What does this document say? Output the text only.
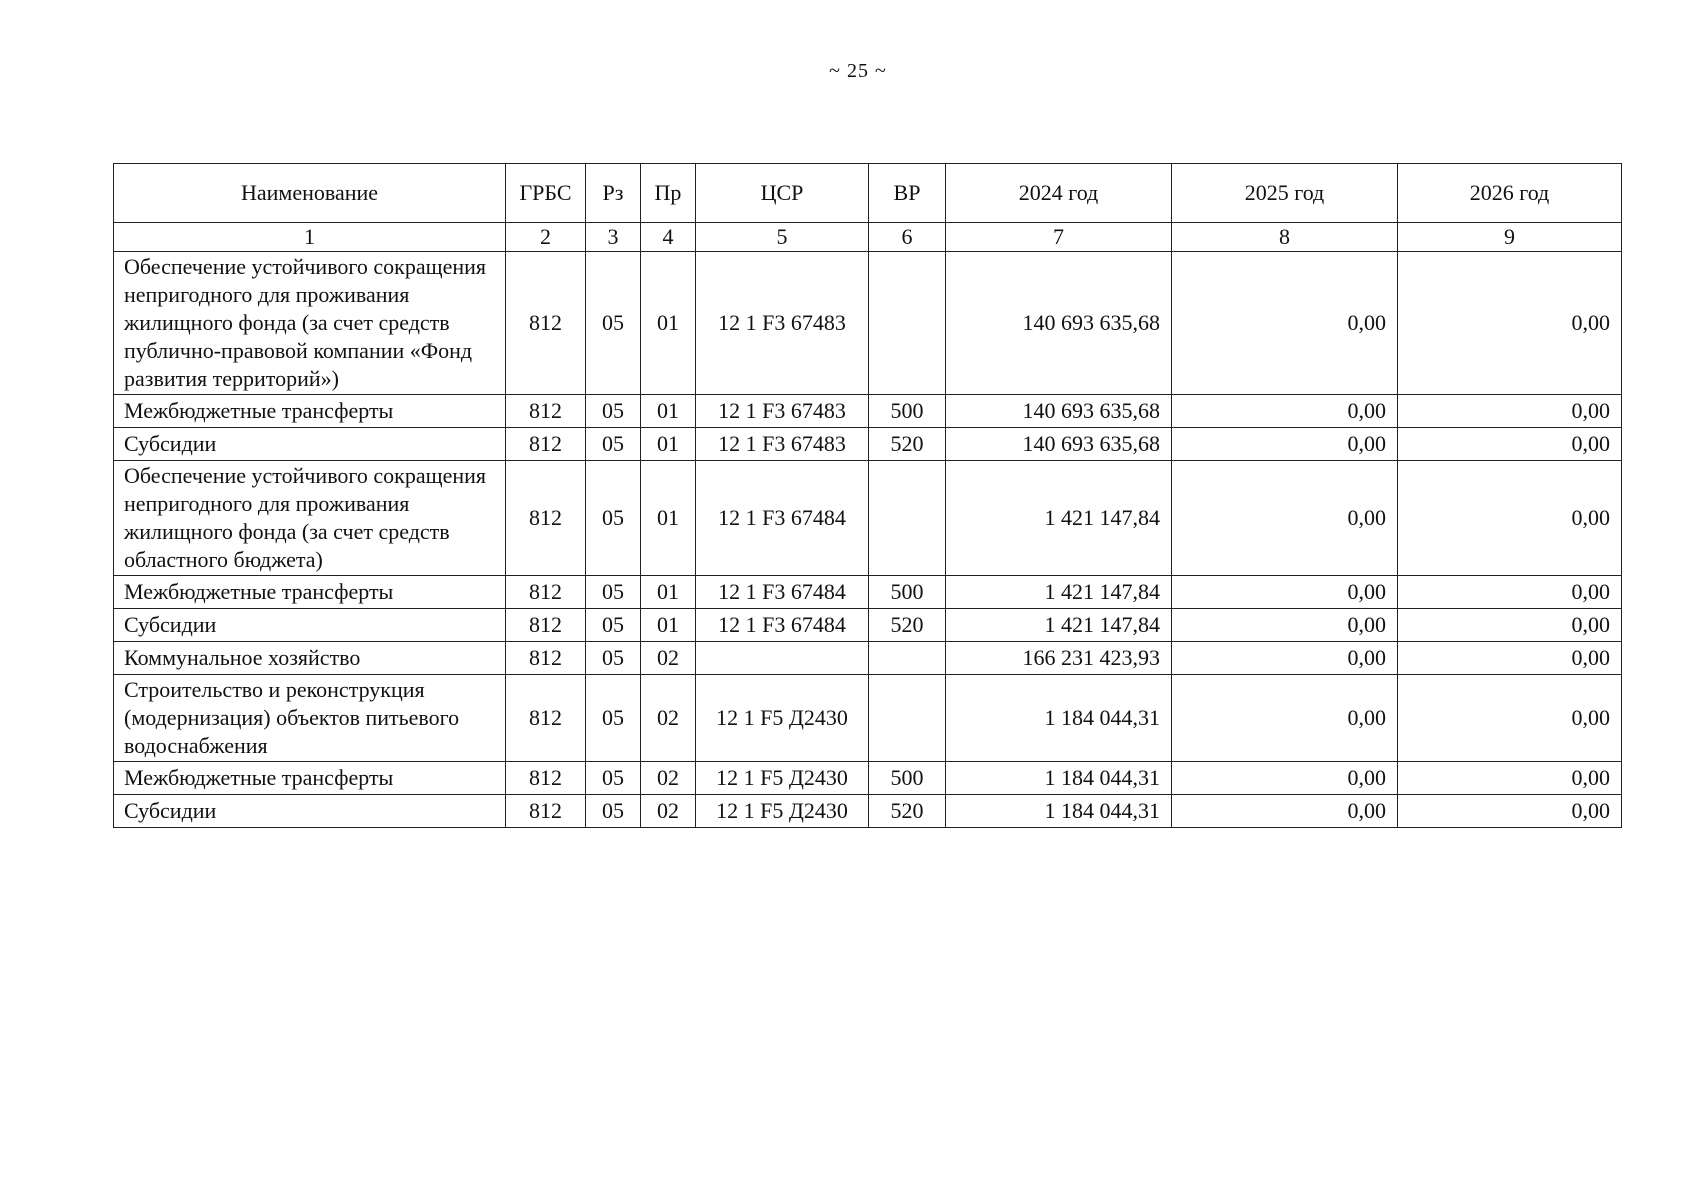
~ 25 ~
Наименование	ГРБС	Рз	Пр	ЦСР	ВР	2024 год	2025 год	2026 год
1	2	3	4	5	6	7	8	9
Обеспечение устойчивого сокращения непригодного для проживания жилищного фонда (за счет средств публично-правовой компании «Фонд развития территорий»)	812	05	01	12 1 F3 67483		140 693 635,68	0,00	0,00
Межбюджетные трансферты	812	05	01	12 1 F3 67483	500	140 693 635,68	0,00	0,00
Субсидии	812	05	01	12 1 F3 67483	520	140 693 635,68	0,00	0,00
Обеспечение устойчивого сокращения непригодного для проживания жилищного фонда (за счет средств областного бюджета)	812	05	01	12 1 F3 67484		1 421 147,84	0,00	0,00
Межбюджетные трансферты	812	05	01	12 1 F3 67484	500	1 421 147,84	0,00	0,00
Субсидии	812	05	01	12 1 F3 67484	520	1 421 147,84	0,00	0,00
Коммунальное хозяйство	812	05	02			166 231 423,93	0,00	0,00
Строительство и реконструкция (модернизация) объектов питьевого водоснабжения	812	05	02	12 1 F5 Д2430		1 184 044,31	0,00	0,00
Межбюджетные трансферты	812	05	02	12 1 F5 Д2430	500	1 184 044,31	0,00	0,00
Субсидии	812	05	02	12 1 F5 Д2430	520	1 184 044,31	0,00	0,00
